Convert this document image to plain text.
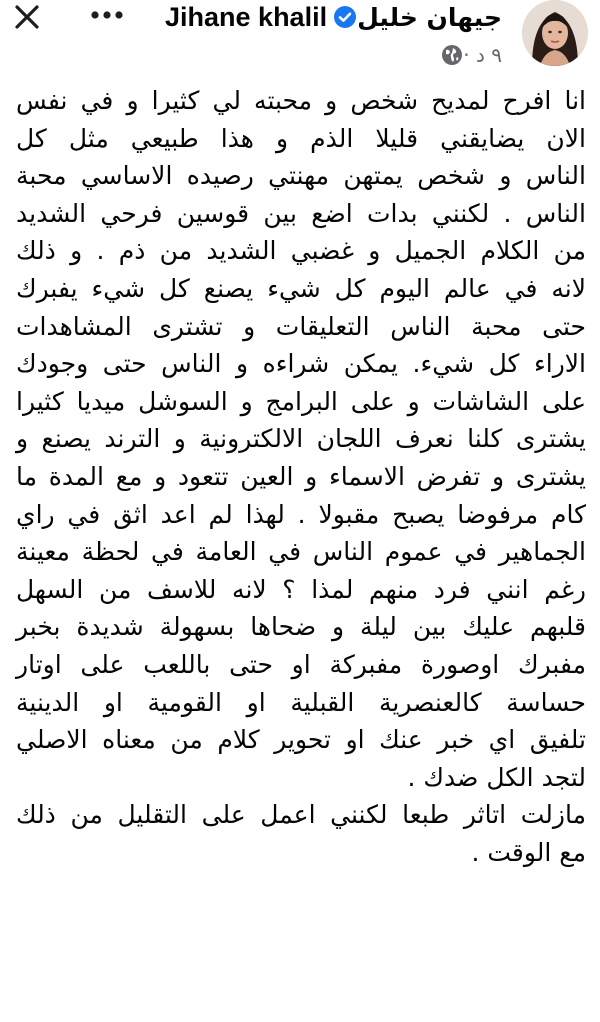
Jihane khalil جيهان خليل
٩ د ·
انا افرح لمديح شخص و محبته لي كثيرا و في نفس
الان يضايقني قليلا الذم و هذا طبيعي مثل كل
الناس و شخص يمتهن مهنتي رصيده الاساسي محبة
الناس . لكنني بدات اضع بين قوسين فرحي الشديد
من الكلام الجميل و غضبي الشديد من ذم . و ذلك
لانه في عالم اليوم كل شيء يصنع كل شيء يفبرك
حتى محبة الناس التعليقات و تشترى المشاهدات
الاراء كل شيء. يمكن شراءه و الناس حتى وجودك
على الشاشات و على البرامج و السوشل ميديا كثيرا
يشترى كلنا نعرف اللجان الالكترونية و الترند يصنع و
يشترى و تفرض الاسماء و العين تتعود و مع المدة ما
كام مرفوضا يصبح مقبولا . لهذا لم اعد اثق في راي
الجماهير في عموم الناس في العامة في لحظة معينة
رغم انني فرد منهم لمذا ؟ لانه للاسف من السهل
قلبهم عليك بين ليلة و ضحاها بسهولة شديدة بخبر
مفبرك اوصورة مفبركة او حتى باللعب على اوتار
حساسة كالعنصرية القبلية او القومية او الدينية
تلفيق اي خبر عنك او تحوير كلام من معناه الاصلي
لتجد الكل ضدك .
مازلت اتاثر طبعا لكنني اعمل على التقليل من ذلك
مع الوقت .
